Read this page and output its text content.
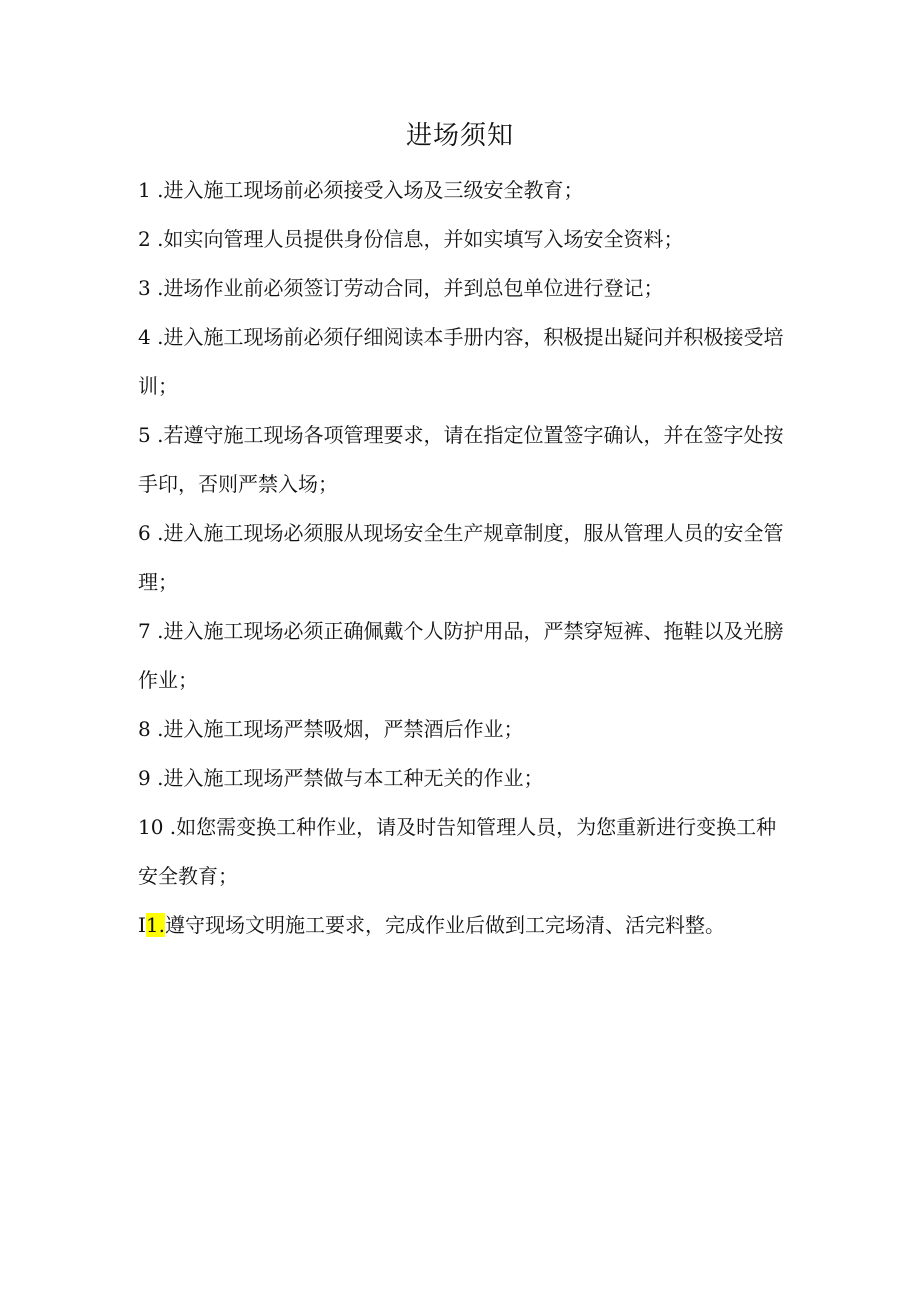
进场须知
1 .进入施工现场前必须接受入场及三级安全教育；
2 .如实向管理人员提供身份信息，并如实填写入场安全资料；
3 .进场作业前必须签订劳动合同，并到总包单位进行登记；
4 .进入施工现场前必须仔细阅读本手册内容，积极提出疑问并积极接受培训；
5 .若遵守施工现场各项管理要求，请在指定位置签字确认，并在签字处按手印，否则严禁入场；
6 .进入施工现场必须服从现场安全生产规章制度，服从管理人员的安全管理；
7 .进入施工现场必须正确佩戴个人防护用品，严禁穿短裤、拖鞋以及光膀作业；
8 .进入施工现场严禁吸烟，严禁酒后作业；
9 .进入施工现场严禁做与本工种无关的作业；
10 .如您需变换工种作业，请及时告知管理人员，为您重新进行变换工种安全教育；
I1.遵守现场文明施工要求，完成作业后做到工完场清、活完料整。
